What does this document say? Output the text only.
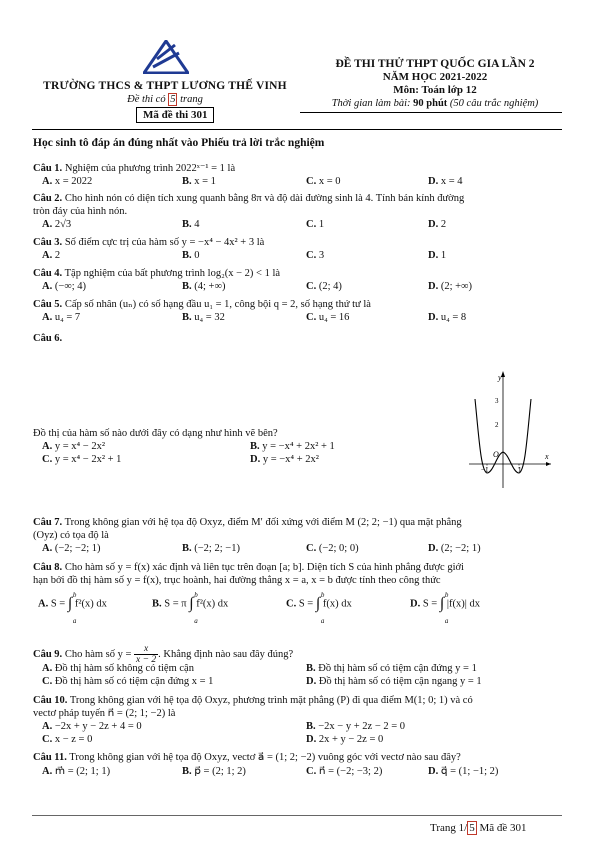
TRƯỜNG THCS & THPT LƯƠNG THẾ VINH
Đề thi có 5 trang
Mã đề thi 301
ĐỀ THI THỬ THPT QUỐC GIA LẦN 2
NĂM HỌC 2021-2022
Môn: Toán lớp 12
Thời gian làm bài: 90 phút (50 câu trắc nghiệm)
Học sinh tô đáp án đúng nhất vào Phiếu trả lời trắc nghiệm
Câu 1. Nghiệm của phương trình 2022ˣ⁻¹ = 1 là
A. x = 2022	B. x = 1	C. x = 0	D. x = 4
Câu 2. Cho hình nón có diện tích xung quanh bằng 8π và độ dài đường sinh là 4. Tính bán kính đường
tròn đáy của hình nón.
A. 2√3	B. 4	C. 1	D. 2
Câu 3. Số điểm cực trị của hàm số y = −x⁴ − 4x² + 3 là
A. 2	B. 0	C. 3	D. 1
Câu 4. Tập nghiệm của bất phương trình log₂(x − 2) < 1 là
A. (−∞; 4)	B. (4; +∞)	C. (2; 4)	D. (2; +∞)
Câu 5. Cấp số nhân (uₙ) có số hạng đầu u₁ = 1, công bội q = 2, số hạng thứ tư là
A. u₄ = 7	B. u₄ = 32	C. u₄ = 16	D. u₄ = 8
Câu 6.
Đồ thị của hàm số nào dưới đây có dạng như hình vẽ bên?
A. y = x⁴ − 2x²	B. y = −x⁴ + 2x² + 1
C. y = x⁴ − 2x² + 1	D. y = −x⁴ + 2x²
y
x
O
3
2
−1	1
Câu 7. Trong không gian với hệ tọa độ Oxyz, điểm M′ đối xứng với điểm M (2; 2; −1) qua mặt phẳng
(Oyz) có tọa độ là
A. (−2; −2; 1)	B. (−2; 2; −1)	C. (−2; 0; 0)	D. (2; −2; 1)
Câu 8. Cho hàm số y = f(x) xác định và liên tục trên đoạn [a; b]. Diện tích S của hình phẳng được giới
hạn bởi đồ thị hàm số y = f(x), trục hoành, hai đường thẳng x = a, x = b được tính theo công thức
A. S = ∫ b
a
f²(x) dx	B. S = π ∫ b
a
f²(x) dx	C. S = ∫ b
a
f(x) dx	D. S = ∫ b
a
|f(x)| dx
Câu 9. Cho hàm số $y = \frac{x}{x - 2}$ . Khẳng định nào sau đây đúng?
A. Đồ thị hàm số không có tiệm cận	B. Đồ thị hàm số có tiệm cận đứng y = 1
C. Đồ thị hàm số có tiệm cận đứng x = 1	D. Đồ thị hàm số có tiệm cận ngang y = 1
Câu 10. Trong không gian với hệ tọa độ Oxyz, phương trình mặt phẳng (P) đi qua điểm M(1; 0; 1) và có
vectơ pháp tuyến n⃗ = (2; 1; −2) là
A. −2x + y − 2z + 4 = 0	B. −2x − y + 2z − 2 = 0
C. x − z = 0	D. 2x + y − 2z = 0
Câu 11. Trong không gian với hệ tọa độ Oxyz, vectơ a⃗ = (1; 2; −2) vuông góc với vectơ nào sau đây?
A. m⃗ = (2; 1; 1)	B. p⃗ = (2; 1; 2)	C. n⃗ = (−2; −3; 2)	D. q⃗ = (1; −1; 2)
Trang 1/ 5 Mã đề 301
